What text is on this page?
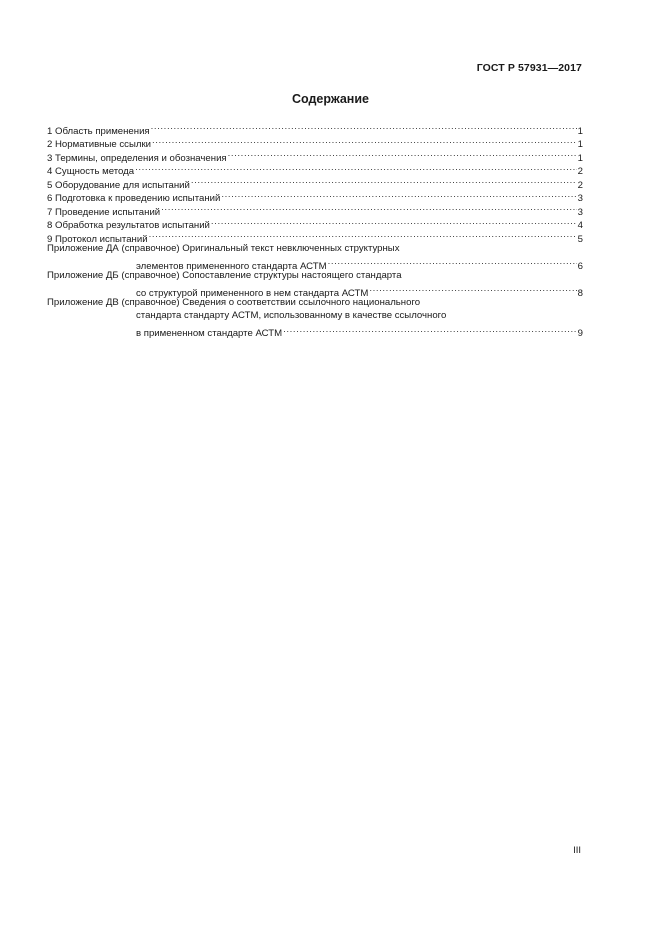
ГОСТ Р 57931—2017
Содержание
1 Область применения .....	1
2 Нормативные ссылки .....	1
3 Термины, определения и обозначения .....	1
4 Сущность метода .....	2
5 Оборудование для испытаний .....	2
6 Подготовка к проведению испытаний .....	3
7 Проведение испытаний .....	3
8 Обработка результатов испытаний .....	4
9 Протокол испытаний .....	5
Приложение ДА (справочное) Оригинальный текст невключенных структурных
элементов примененного стандарта АСТМ .....	6
Приложение ДБ (справочное) Сопоставление структуры настоящего стандарта
со структурой примененного в нем стандарта АСТМ .....	8
Приложение ДВ (справочное) Сведения о соответствии ссылочного национального
стандарта стандарту АСТМ, использованному в качестве ссылочного
в примененном стандарте АСТМ .....	9
III
